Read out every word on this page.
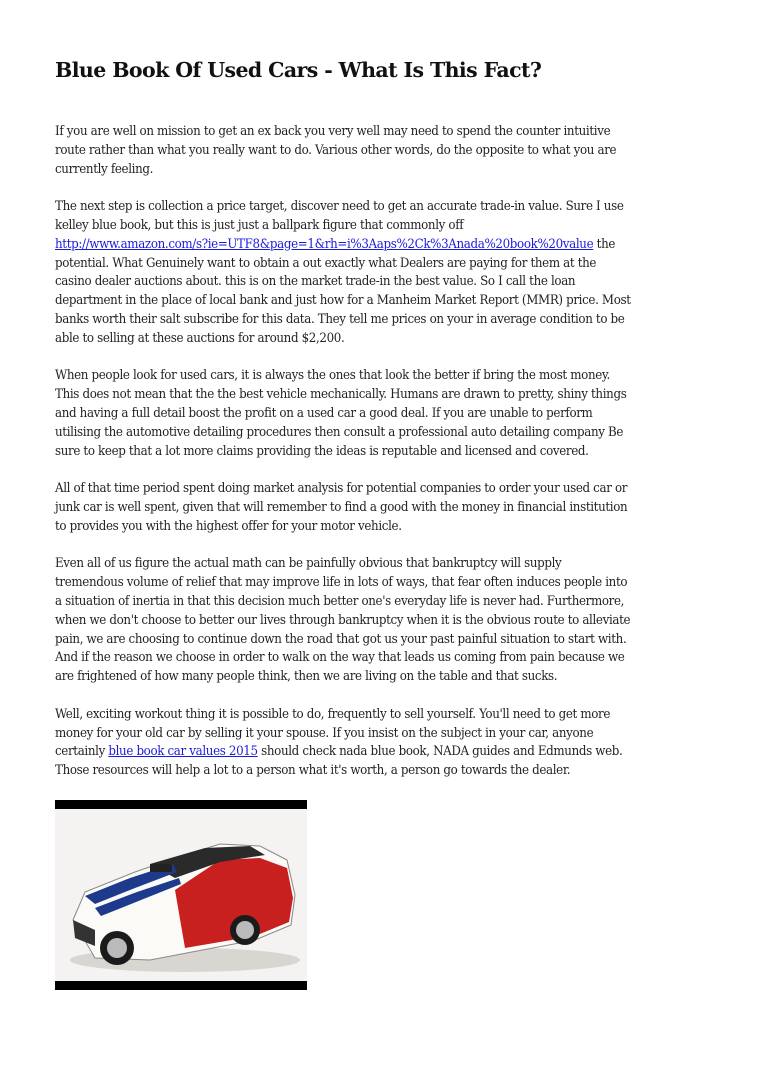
Blue Book Of Used Cars - What Is This Fact?

If you are well on mission to get an ex back you very well may need to spend the counter intuitive
route rather than what you really want to do. Various other words, do the opposite to what you are
currently feeling.

The next step is collection a price target, discover need to get an accurate trade-in value. Sure I use
kelley blue book, but this is just just a ballpark figure that commonly off
http://www.amazon.com/s?ie=UTF8&page=1&rh=i%3Aaps%2Ck%3Anada%20book%20value the
potential. What Genuinely want to obtain a out exactly what Dealers are paying for them at the
casino dealer auctions about. this is on the market trade-in the best value. So I call the loan
department in the place of local bank and just how for a Manheim Market Report (MMR) price. Most
banks worth their salt subscribe for this data. They tell me prices on your in average condition to be
able to selling at these auctions for around $2,200.

When people look for used cars, it is always the ones that look the better if bring the most money.
This does not mean that the the best vehicle mechanically. Humans are drawn to pretty, shiny things
and having a full detail boost the profit on a used car a good deal. If you are unable to perform
utilising the automotive detailing procedures then consult a professional auto detailing company Be
sure to keep that a lot more claims providing the ideas is reputable and licensed and covered.

All of that time period spent doing market analysis for potential companies to order your used car or
junk car is well spent, given that will remember to find a good with the money in financial institution
to provides you with the highest offer for your motor vehicle.

Even all of us figure the actual math can be painfully obvious that bankruptcy will supply
tremendous volume of relief that may improve life in lots of ways, that fear often induces people into
a situation of inertia in that this decision much better one's everyday life is never had. Furthermore,
when we don't choose to better our lives through bankruptcy when it is the obvious route to alleviate
pain, we are choosing to continue down the road that got us your past painful situation to start with.
And if the reason we choose in order to walk on the way that leads us coming from pain because we
are frightened of how many people think, then we are living on the table and that sucks.

Well, exciting workout thing it is possible to do, frequently to sell yourself. You'll need to get more
money for your old car by selling it your spouse. If you insist on the subject in your car, anyone
certainly blue book car values 2015 should check nada blue book, NADA guides and Edmunds web.
Those resources will help a lot to a person what it's worth, a person go towards the dealer.
